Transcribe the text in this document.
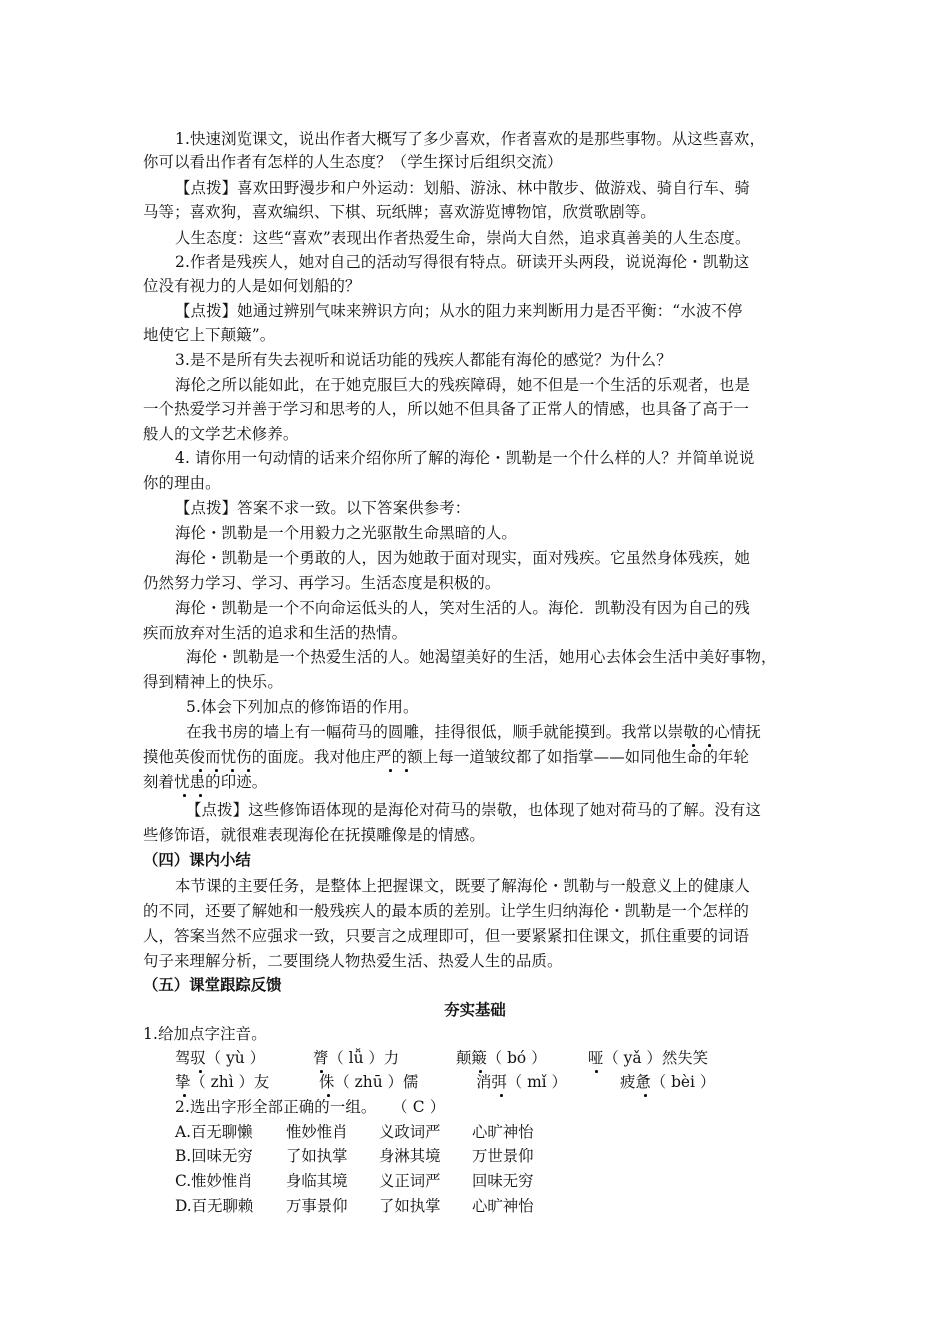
1.快速浏览课文，说出作者大概写了多少喜欢，作者喜欢的是那些事物。从这些喜欢，
你可以看出作者有怎样的人生态度？（学生探讨后组织交流）
【点拨】喜欢田野漫步和户外运动：划船、游泳、林中散步、做游戏、骑自行车、骑
马等；喜欢狗，喜欢编织、下棋、玩纸牌；喜欢游览博物馆，欣赏歌剧等。
人生态度：这些“喜欢”表现出作者热爱生命，崇尚大自然，追求真善美的人生态度。
2.作者是残疾人，她对自己的活动写得很有特点。研读开头两段，说说海伦・凯勒这
位没有视力的人是如何划船的？
【点拨】她通过辨别气味来辨识方向；从水的阻力来判断用力是否平衡：“水波不停
地使它上下颠簸”。
3.是不是所有失去视听和说话功能的残疾人都能有海伦的感觉？为什么？
海伦之所以能如此，在于她克服巨大的残疾障碍，她不但是一个生活的乐观者，也是
一个热爱学习并善于学习和思考的人，所以她不但具备了正常人的情感，也具备了高于一
般人的文学艺术修养。
4. 请你用一句动情的话来介绍你所了解的海伦・凯勒是一个什么样的人？并简单说说
你的理由。
【点拨】答案不求一致。以下答案供参考：
海伦・凯勒是一个用毅力之光驱散生命黑暗的人。
海伦・凯勒是一个勇敢的人，因为她敢于面对现实，面对残疾。它虽然身体残疾，她
仍然努力学习、学习、再学习。生活态度是积极的。
海伦・凯勒是一个不向命运低头的人，笑对生活的人。海伦．凯勒没有因为自己的残
疾而放弃对生活的追求和生活的热情。
海伦・凯勒是一个热爱生活的人。她渴望美好的生活，她用心去体会生活中美好事物，
得到精神上的快乐。
5.体会下列加点的修饰语的作用。
在我书房的墙上有一幅荷马的圆雕，挂得很低，顺手就能摸到。我常以崇敬的心情抚
摸他英俊而忧伤的面庞。我对他庄严的额上每一道皱纹都了如指掌——如同他生命的年轮
刻着忧患的印迹。
【点拨】这些修饰语体现的是海伦对荷马的崇敬，也体现了她对荷马的了解。没有这
些修饰语，就很难表现海伦在抚摸雕像是的情感。
（四）课内小结
本节课的主要任务，是整体上把握课文，既要了解海伦・凯勒与一般意义上的健康人
的不同，还要了解她和一般残疾人的最本质的差别。让学生归纳海伦・凯勒是一个怎样的
人，答案当然不应强求一致，只要言之成理即可，但一要紧紧扣住课文，抓住重要的词语
句子来理解分析，二要围绕人物热爱生活、热爱人生的品质。
（五）课堂跟踪反馈
夯实基础
1.给加点字注音。
驾驭（ yù ）	膂（ lǚ ）力	颠簸（ bó ）	哑（ yǎ ）然失笑
挚（ zhì ）友	侏（ zhū ）儒	消弭（ mǐ ）	疲惫（ bèi ）
2.选出字形全部正确的一组。　　（ C ）
A.百无聊懒 惟妙惟肖 义政词严 心旷神怡
B.回味无穷 了如执掌 身淋其境 万世景仰
C.惟妙惟肖 身临其境 义正词严 回味无穷
D.百无聊赖 万事景仰 了如执掌 心旷神怡
